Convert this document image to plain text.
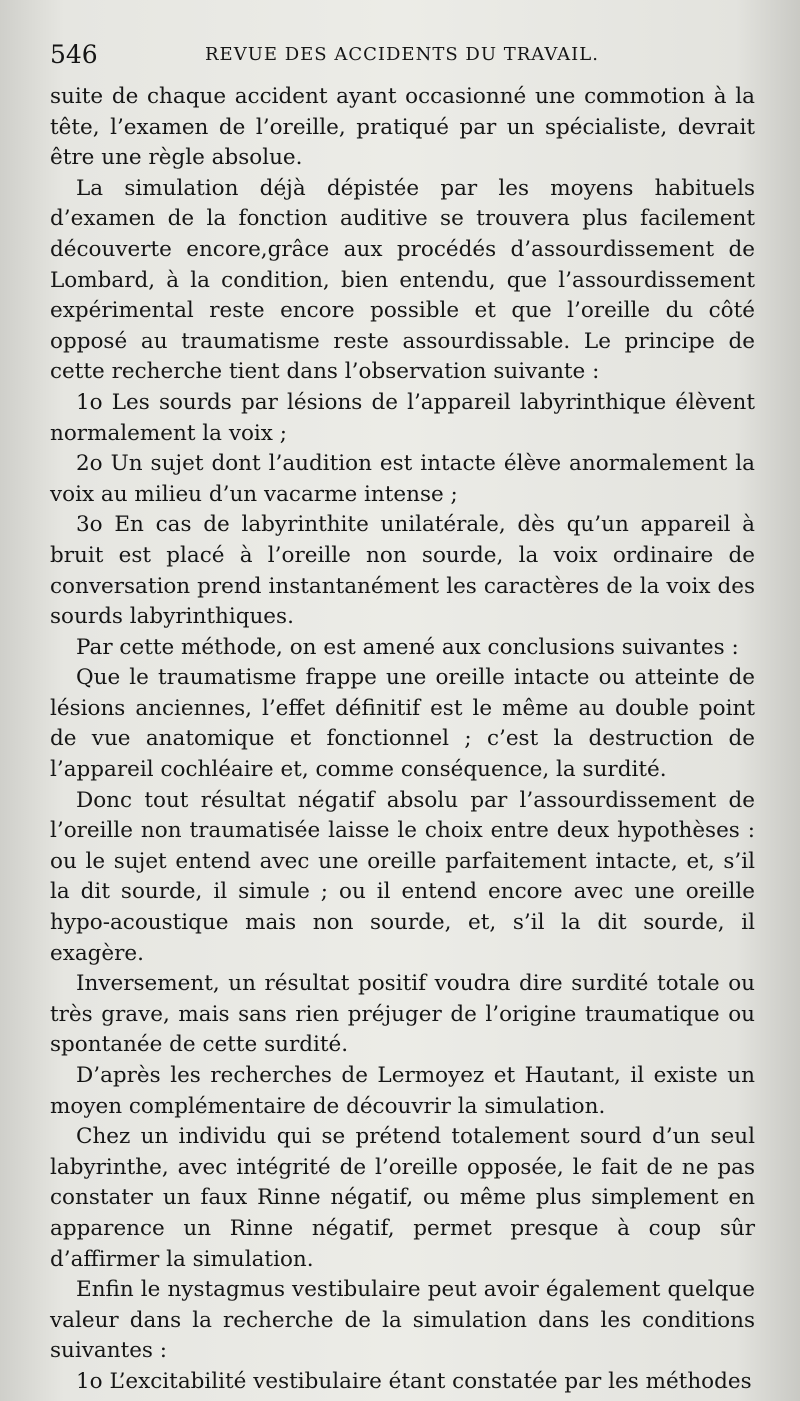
546	REVUE DES ACCIDENTS DU TRAVAIL.

suite de chaque accident ayant occasionné une commotion à la tête, l’examen de l’oreille, pratiqué par un spécialiste, devrait être une règle absolue.

La simulation déjà dépistée par les moyens habituels d’examen de la fonction auditive se trouvera plus facilement découverte encore,grâce aux procédés d’assourdissement de Lombard, à la condition, bien entendu, que l’assourdissement expérimental reste encore possible et que l’oreille du côté opposé au traumatisme reste assourdissable. Le principe de cette recherche tient dans l’observation suivante :

1o Les sourds par lésions de l’appareil labyrinthique élèvent normalement la voix ;

2o Un sujet dont l’audition est intacte élève anormalement la voix au milieu d’un vacarme intense ;

3o En cas de labyrinthite unilatérale, dès qu’un appareil à bruit est placé à l’oreille non sourde, la voix ordinaire de conversation prend instantanément les caractères de la voix des sourds labyrinthiques.

Par cette méthode, on est amené aux conclusions suivantes :

Que le traumatisme frappe une oreille intacte ou atteinte de lésions anciennes, l’effet définitif est le même au double point de vue anatomique et fonctionnel ; c’est la destruction de l’appareil cochléaire et, comme conséquence, la surdité.

Donc tout résultat négatif absolu par l’assourdissement de l’oreille non traumatisée laisse le choix entre deux hypothèses : ou le sujet entend avec une oreille parfaitement intacte, et, s’il la dit sourde, il simule ; ou il entend encore avec une oreille hypo-acoustique mais non sourde, et, s’il la dit sourde, il exagère.

Inversement, un résultat positif voudra dire surdité totale ou très grave, mais sans rien préjuger de l’origine traumatique ou spontanée de cette surdité.

D’après les recherches de Lermoyez et Hautant, il existe un moyen complémentaire de découvrir la simulation.

Chez un individu qui se prétend totalement sourd d’un seul labyrinthe, avec intégrité de l’oreille opposée, le fait de ne pas constater un faux Rinne négatif, ou même plus simplement en apparence un Rinne négatif, permet presque à coup sûr d’affirmer la simulation.

Enfin le nystagmus vestibulaire peut avoir également quelque valeur dans la recherche de la simulation dans les conditions suivantes :

1o L’excitabilité vestibulaire étant constatée par les méthodes
